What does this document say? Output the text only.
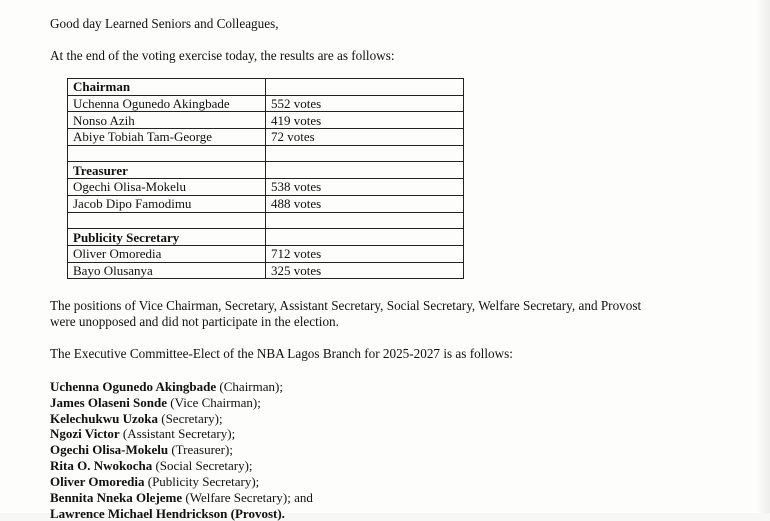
Good day Learned Seniors and Colleagues,
At the end of the voting exercise today, the results are as follows:
Chairman	
Uchenna Ogunedo Akingbade	552 votes
Nonso Azih	419 votes
Abiye Tobiah Tam-George	72 votes

Treasurer	
Ogechi Olisa-Mokelu	538 votes
Jacob Dipo Famodimu	488 votes

Publicity Secretary	
Oliver Omoredia	712 votes
Bayo Olusanya	325 votes
The positions of Vice Chairman, Secretary, Assistant Secretary, Social Secretary, Welfare Secretary, and Provost
were unopposed and did not participate in the election.
The Executive Committee-Elect of the NBA Lagos Branch for 2025-2027 is as follows:
Uchenna Ogunedo Akingbade (Chairman);
James Olaseni Sonde (Vice Chairman);
Kelechukwu Uzoka (Secretary);
Ngozi Victor (Assistant Secretary);
Ogechi Olisa-Mokelu (Treasurer);
Rita O. Nwokocha (Social Secretary);
Oliver Omoredia (Publicity Secretary);
Bennita Nneka Olejeme (Welfare Secretary); and
Lawrence Michael Hendrickson (Provost).
